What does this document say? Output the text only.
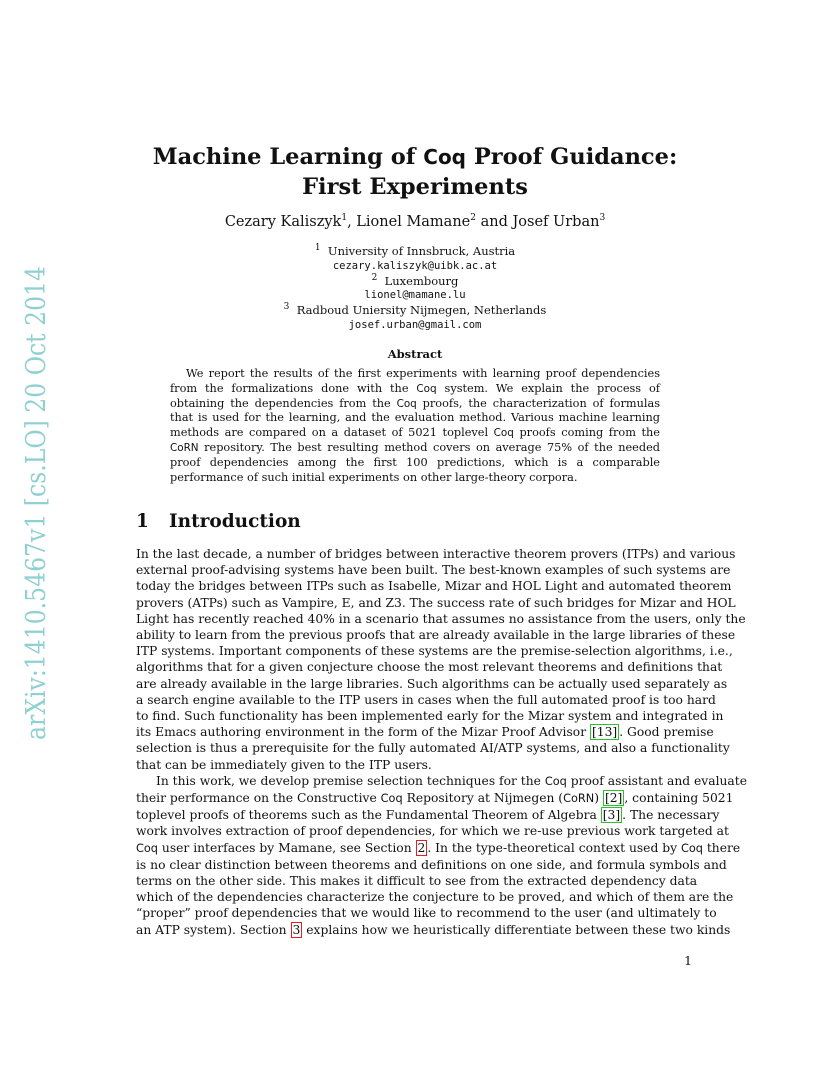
arXiv:1410.5467v1 [cs.LO] 20 Oct 2014
Machine Learning of Coq Proof Guidance:
First Experiments
Cezary Kaliszyk$^1$, Lionel Mamane$^2$ and Josef Urban$^3$
$^1$ University of Innsbruck, Austria
cezary.kaliszyk@uibk.ac.at
$^2$ Luxembourg
lionel@mamane.lu
$^3$ Radboud Uniersity Nijmegen, Netherlands
josef.urban@gmail.com
Abstract
We report the results of the first experiments with learning proof dependencies from the formalizations done with the Coq system. We explain the process of obtaining the dependencies from the Coq proofs, the characterization of formulas that is used for the learning, and the evaluation method. Various machine learning methods are compared on a dataset of 5021 toplevel Coq proofs coming from the CoRN repository. The best resulting method covers on average 75% of the needed proof dependencies among the first 100 predictions, which is a comparable performance of such initial experiments on other large-theory corpora.
1 Introduction
In the last decade, a number of bridges between interactive theorem provers (ITPs) and various
external proof-advising systems have been built. The best-known examples of such systems are
today the bridges between ITPs such as Isabelle, Mizar and HOL Light and automated theorem
provers (ATPs) such as Vampire, E, and Z3. The success rate of such bridges for Mizar and HOL
Light has recently reached 40% in a scenario that assumes no assistance from the users, only the
ability to learn from the previous proofs that are already available in the large libraries of these
ITP systems. Important components of these systems are the premise-selection algorithms, i.e.,
algorithms that for a given conjecture choose the most relevant theorems and definitions that
are already available in the large libraries. Such algorithms can be actually used separately as
a search engine available to the ITP users in cases when the full automated proof is too hard
to find. Such functionality has been implemented early for the Mizar system and integrated in
its Emacs authoring environment in the form of the Mizar Proof Advisor [13] . Good premise
selection is thus a prerequisite for the fully automated AI/ATP systems, and also a functionality
that can be immediately given to the ITP users.
In this work, we develop premise selection techniques for the Coq proof assistant and evaluate
their performance on the Constructive Coq Repository at Nijmegen (CoRN) [2] , containing 5021
toplevel proofs of theorems such as the Fundamental Theorem of Algebra [3] . The necessary
work involves extraction of proof dependencies, for which we re-use previous work targeted at
Coq user interfaces by Mamane, see Section 2 . In the type-theoretical context used by Coq there
is no clear distinction between theorems and definitions on one side, and formula symbols and
terms on the other side. This makes it difficult to see from the extracted dependency data
which of the dependencies characterize the conjecture to be proved, and which of them are the
“proper” proof dependencies that we would like to recommend to the user (and ultimately to
an ATP system). Section 3 explains how we heuristically differentiate between these two kinds
1
